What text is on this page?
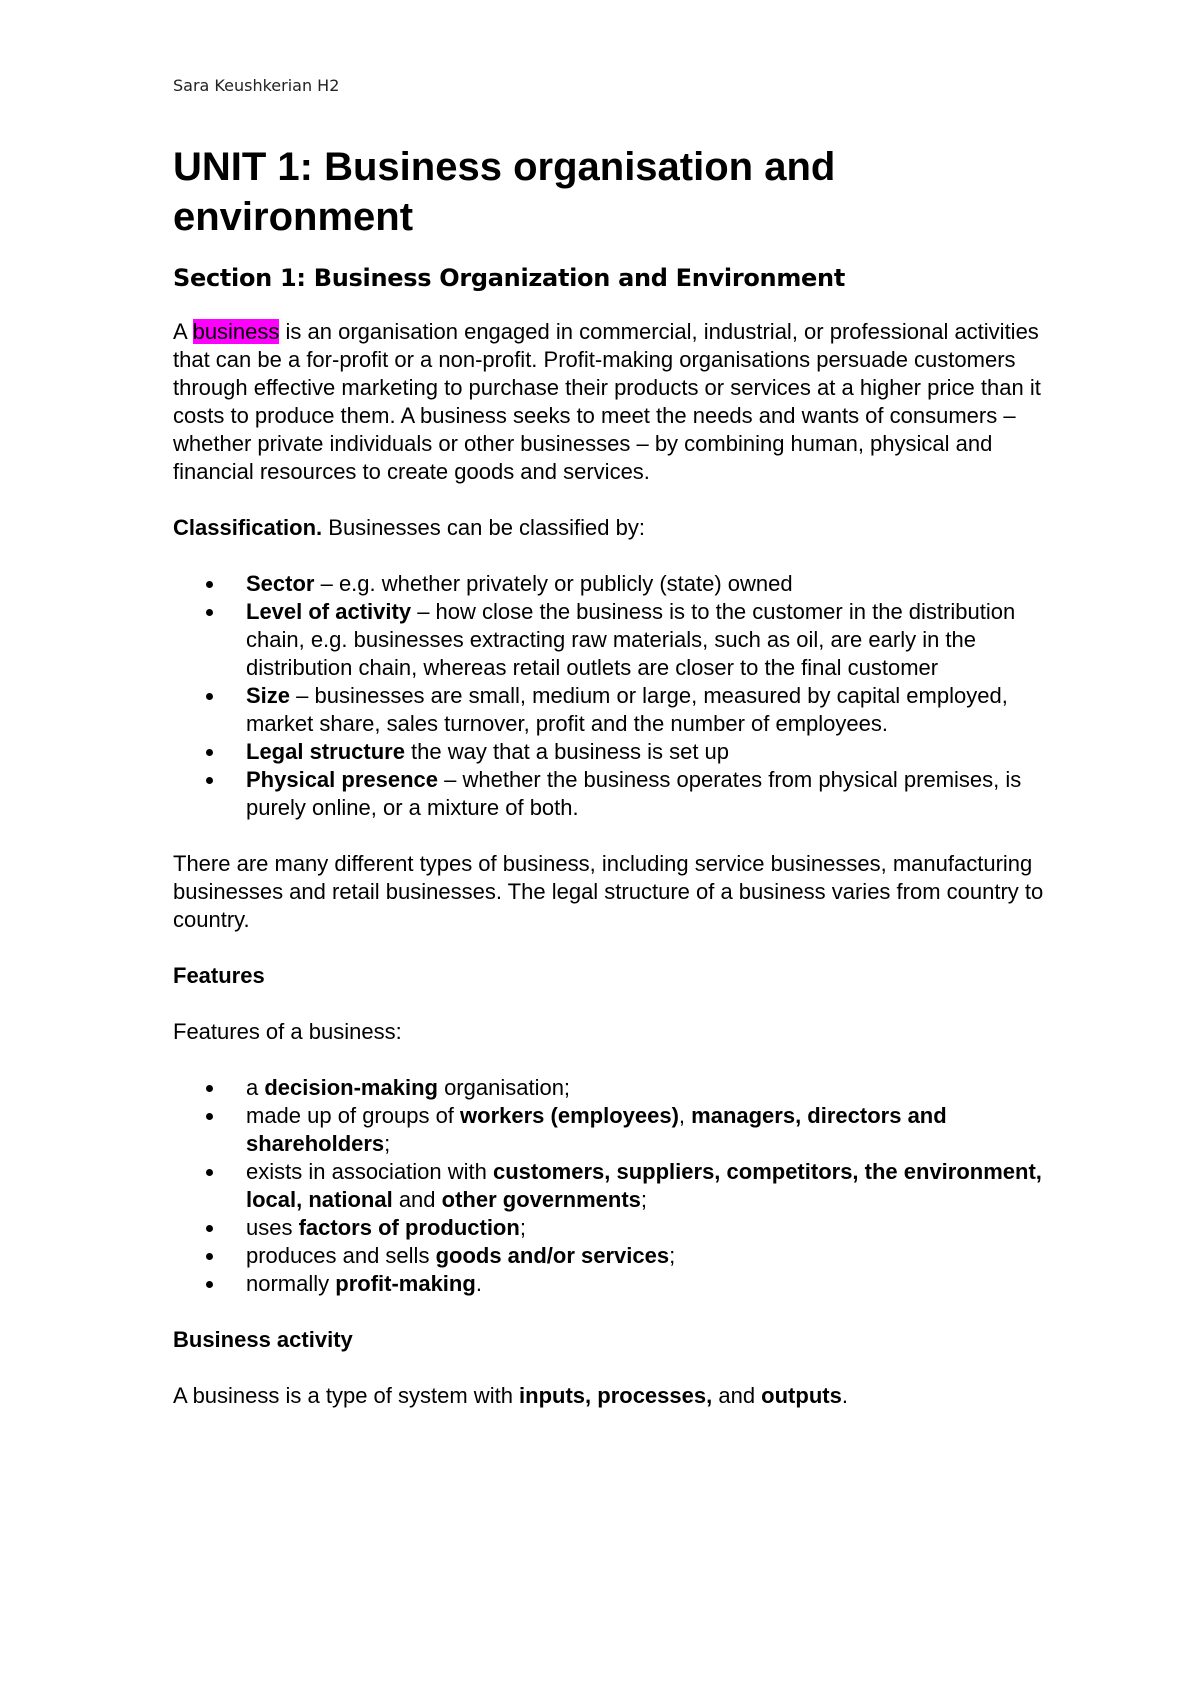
Sara Keushkerian H2
UNIT 1: Business organisation and environment
Section 1: Business Organization and Environment

A business is an organisation engaged in commercial, industrial, or professional activities that can be a for-profit or a non-profit. Profit-making organisations persuade customers through effective marketing to purchase their products or services at a higher price than it costs to produce them. A business seeks to meet the needs and wants of consumers – whether private individuals or other businesses – by combining human, physical and financial resources to create goods and services.

Classification. Businesses can be classified by:

Sector – e.g. whether privately or publicly (state) owned
Level of activity – how close the business is to the customer in the distribution chain, e.g. businesses extracting raw materials, such as oil, are early in the distribution chain, whereas retail outlets are closer to the final customer
Size – businesses are small, medium or large, measured by capital employed, market share, sales turnover, profit and the number of employees.
Legal structure the way that a business is set up
Physical presence – whether the business operates from physical premises, is purely online, or a mixture of both.

There are many different types of business, including service businesses, manufacturing businesses and retail businesses. The legal structure of a business varies from country to country.

Features

Features of a business:

a decision-making organisation;
made up of groups of workers (employees), managers, directors and shareholders;
exists in association with customers, suppliers, competitors, the environment, local, national and other governments;
uses factors of production;
produces and sells goods and/or services;
normally profit-making.

Business activity

A business is a type of system with inputs, processes, and outputs.
